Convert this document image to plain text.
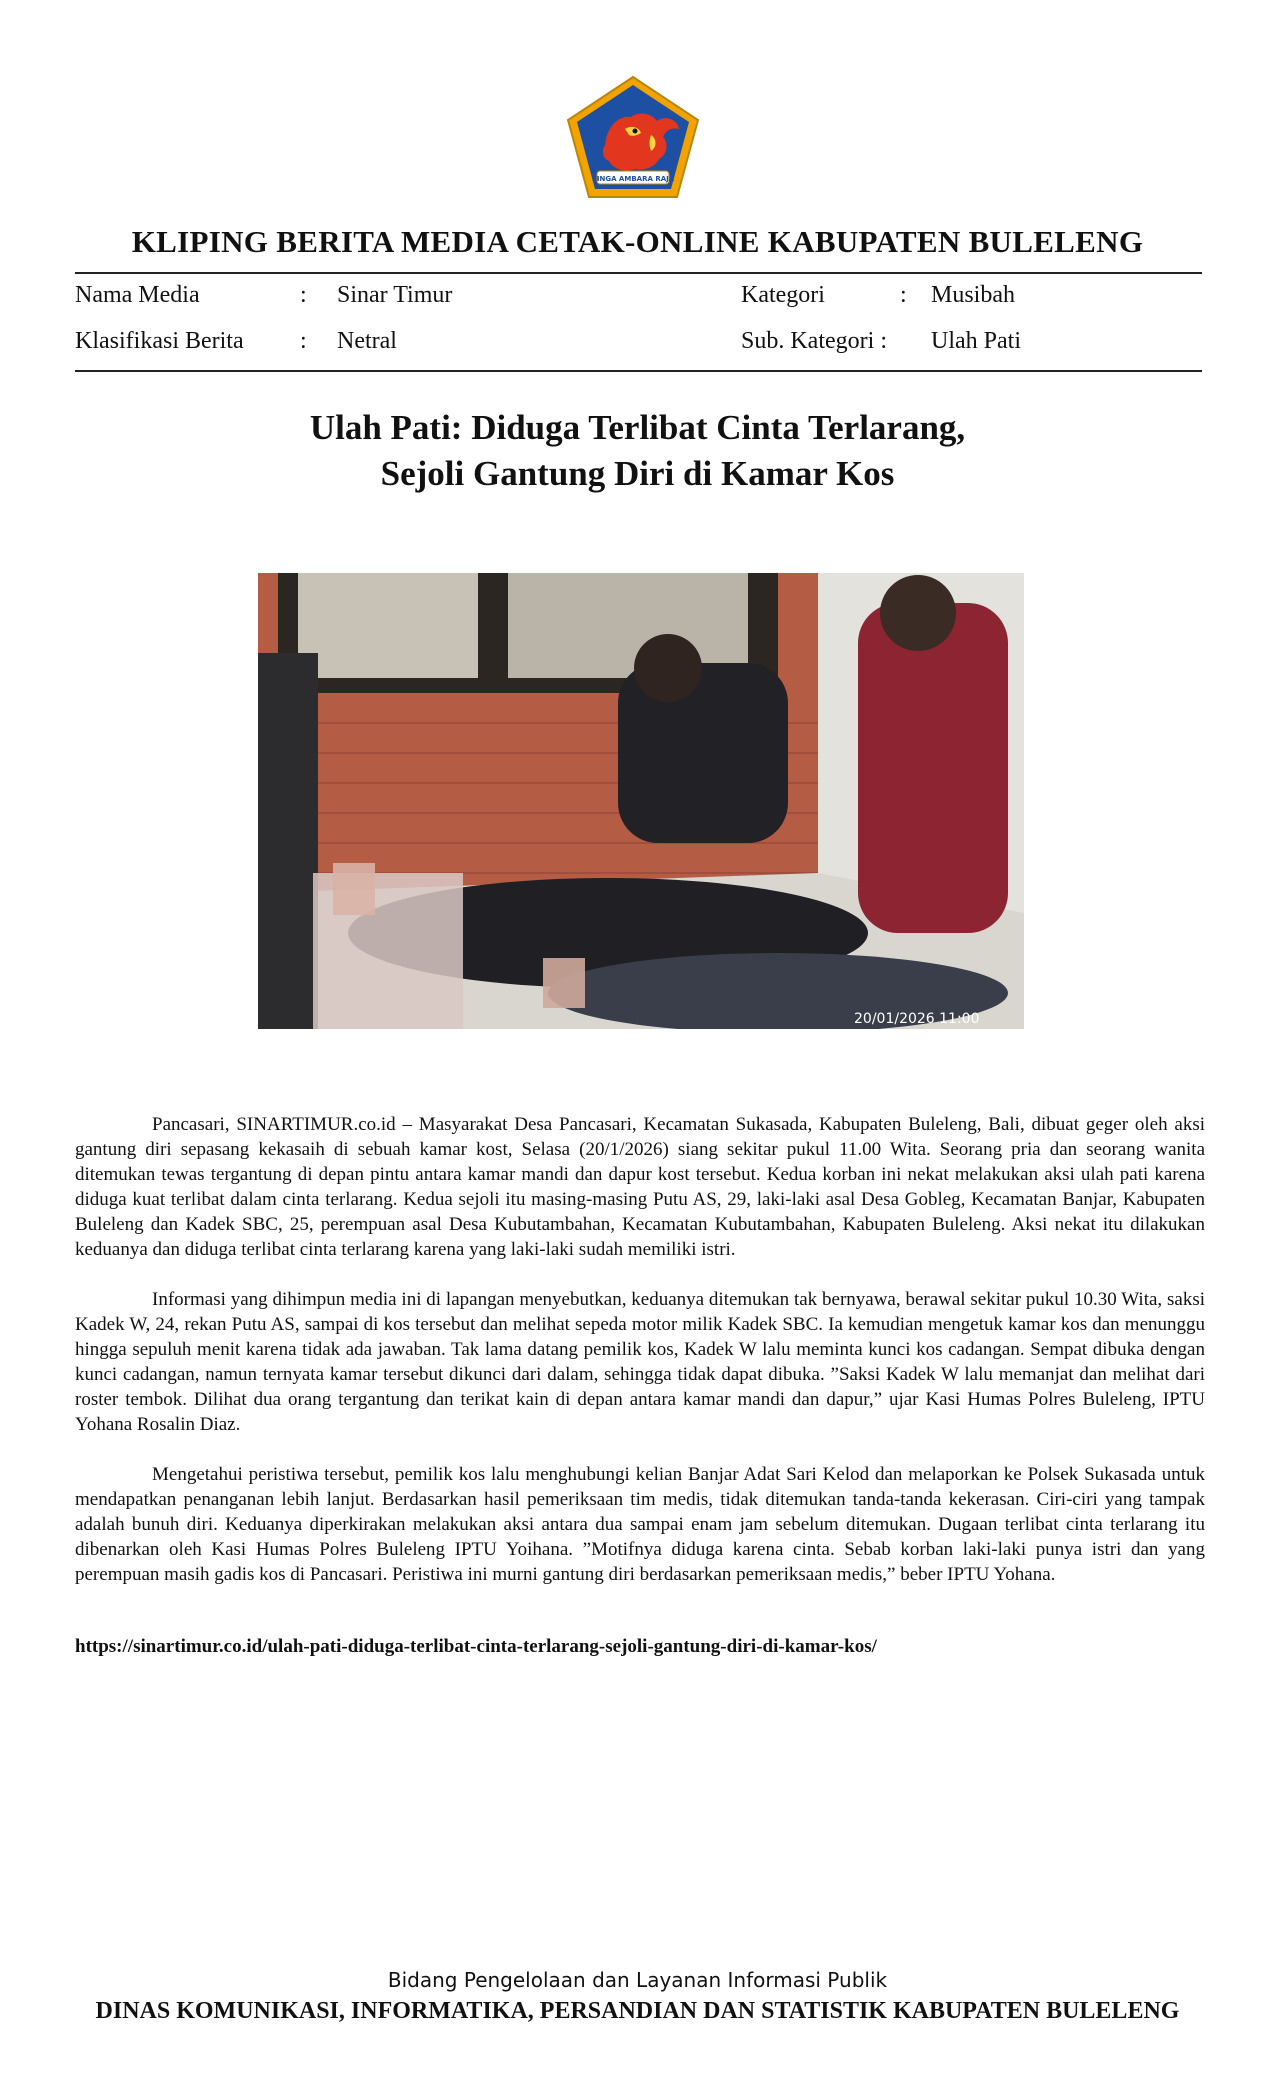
SINGA AMBARA RAJA
KLIPING BERITA MEDIA CETAK-ONLINE KABUPATEN BULELENG
Nama Media	: Sinar Timur	Kategori	: Musibah
Klasifikasi Berita : Netral	Sub. Kategori : Ulah Pati
Ulah Pati: Diduga Terlibat Cinta Terlarang,
Sejoli Gantung Diri di Kamar Kos
20/01/2026 11:00

Pancasari, SINARTIMUR.co.id – Masyarakat Desa Pancasari, Kecamatan Sukasada, Kabupaten Buleleng, Bali, dibuat geger oleh aksi gantung diri sepasang kekasaih di sebuah kamar kost, Selasa (20/1/2026) siang sekitar pukul 11.00 Wita. Seorang pria dan seorang wanita ditemukan tewas tergantung di depan pintu antara kamar mandi dan dapur kost tersebut. Kedua korban ini nekat melakukan aksi ulah pati karena diduga kuat terlibat dalam cinta terlarang. Kedua sejoli itu masing-masing Putu AS, 29, laki-laki asal Desa Gobleg, Kecamatan Banjar, Kabupaten Buleleng dan Kadek SBC, 25, perempuan asal Desa Kubutambahan, Kecamatan Kubutambahan, Kabupaten Buleleng. Aksi nekat itu dilakukan keduanya dan diduga terlibat cinta terlarang karena yang laki-laki sudah memiliki istri.

Informasi yang dihimpun media ini di lapangan menyebutkan, keduanya ditemukan tak bernyawa, berawal sekitar pukul 10.30 Wita, saksi Kadek W, 24, rekan Putu AS, sampai di kos tersebut dan melihat sepeda motor milik Kadek SBC. Ia kemudian mengetuk kamar kos dan menunggu hingga sepuluh menit karena tidak ada jawaban. Tak lama datang pemilik kos, Kadek W lalu meminta kunci kos cadangan. Sempat dibuka dengan kunci cadangan, namun ternyata kamar tersebut dikunci dari dalam, sehingga tidak dapat dibuka. ”Saksi Kadek W lalu memanjat dan melihat dari roster tembok. Dilihat dua orang tergantung dan terikat kain di depan antara kamar mandi dan dapur,” ujar Kasi Humas Polres Buleleng, IPTU Yohana Rosalin Diaz.

Mengetahui peristiwa tersebut, pemilik kos lalu menghubungi kelian Banjar Adat Sari Kelod dan melaporkan ke Polsek Sukasada untuk mendapatkan penanganan lebih lanjut. Berdasarkan hasil pemeriksaan tim medis, tidak ditemukan tanda-tanda kekerasan. Ciri-ciri yang tampak adalah bunuh diri. Keduanya diperkirakan melakukan aksi antara dua sampai enam jam sebelum ditemukan. Dugaan terlibat cinta terlarang itu dibenarkan oleh Kasi Humas Polres Buleleng IPTU Yoihana. ”Motifnya diduga karena cinta. Sebab korban laki-laki punya istri dan yang perempuan masih gadis kos di Pancasari. Peristiwa ini murni gantung diri berdasarkan pemeriksaan medis,” beber IPTU Yohana.

https://sinartimur.co.id/ulah-pati-diduga-terlibat-cinta-terlarang-sejoli-gantung-diri-di-kamar-kos/
Bidang Pengelolaan dan Layanan Informasi Publik
DINAS KOMUNIKASI, INFORMATIKA, PERSANDIAN DAN STATISTIK KABUPATEN BULELENG
